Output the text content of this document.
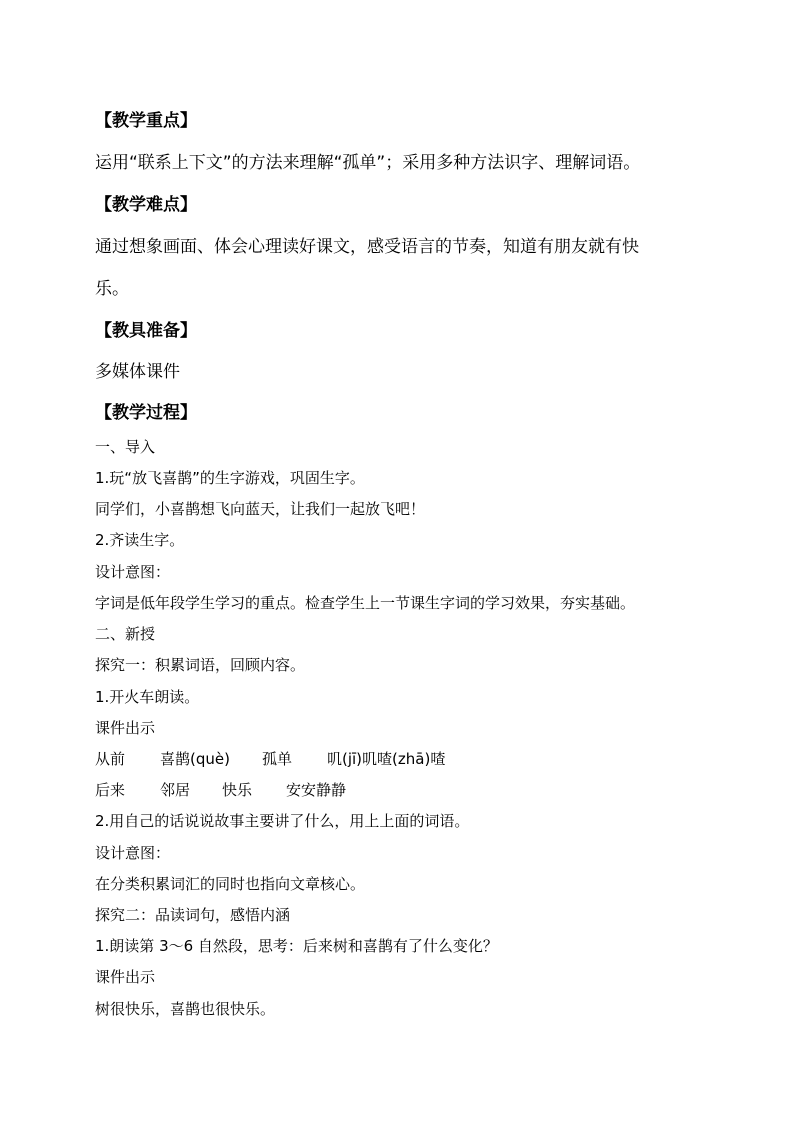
【教学重点】
运用“联系上下文”的方法来理解“孤单”；采用多种方法识字、理解词语。
【教学难点】
通过想象画面、体会心理读好课文，感受语言的节奏，知道有朋友就有快
乐。
【教具准备】
多媒体课件
【教学过程】
一、导入
1.玩“放飞喜鹊”的生字游戏，巩固生字。
同学们，小喜鹊想飞向蓝天，让我们一起放飞吧！
2.齐读生字。
设计意图：
字词是低年段学生学习的重点。检查学生上一节课生字词的学习效果，夯实基础。
二、新授
探究一：积累词语，回顾内容。
1.开火车朗读。
课件出示
从前 喜鹊(què) 孤单 叽(jī)叽喳(zhā)喳
后来 邻居 快乐 安安静静
2.用自己的话说说故事主要讲了什么，用上上面的词语。
设计意图：
在分类积累词汇的同时也指向文章核心。
探究二：品读词句，感悟内涵
1.朗读第 3～6 自然段，思考：后来树和喜鹊有了什么变化？
课件出示
树很快乐，喜鹊也很快乐。
